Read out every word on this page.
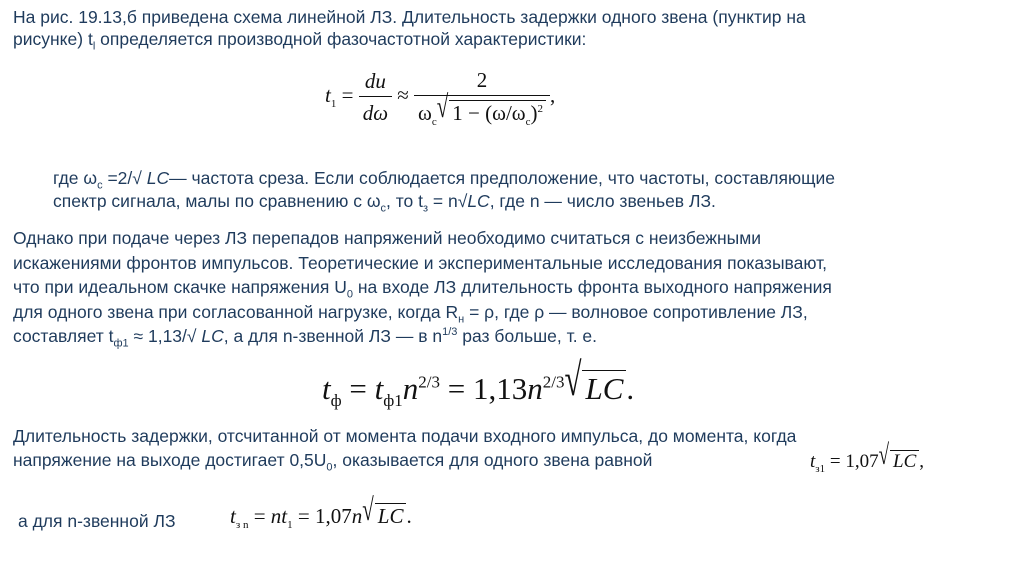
На рис. 19.13,б приведена схема линейной ЛЗ. Длительность задержки одного звена (пунктир на
рисунке) $t_l$ определяется производной фазочастотной характеристики:

$t_1 = \frac{du}{d\omega} \approx \frac{2}{\omega_c√ 1 - (\omega/\omega_c)^2}$ ,

где $\omega_c =2/√$ LC— частота среза. Если соблюдается предположение, что частоты, составляющие
спектр сигнала, малы по сравнению с $\omega_c$, то $t_з = n√LC$, где n — число звеньев ЛЗ.

Однако при подаче через ЛЗ перепадов напряжений необходимо считаться с неизбежными
искажениями фронтов импульсов. Теоретические и экспериментальные исследования показывают,
что при идеальном скачке напряжения $U_0$ на входе ЛЗ длительность фронта выходного напряжения
для одного звена при согласованной нагрузке, когда $R_н = \rho$, где ρ — волновое сопротивление ЛЗ,
составляет $t_{ф1} \approx 1,13/√$ LC, а для n-звенной ЛЗ — в $n^{1/3}$ раз больше, т. е.

$t_ф = t_{ф1}n^{2/3} = 1,13n^{2/3}√$ LC.

Длительность задержки, отсчитанной от момента подачи входного импульса, до момента, когда
напряжение на выходе достигает $0,5U_0$, оказывается для одного звена равной	$t_{з1} = 1,07√$ LC ,

а для n-звенной ЛЗ	$t_{з n} = nt_1 = 1,07n√$ LC .
